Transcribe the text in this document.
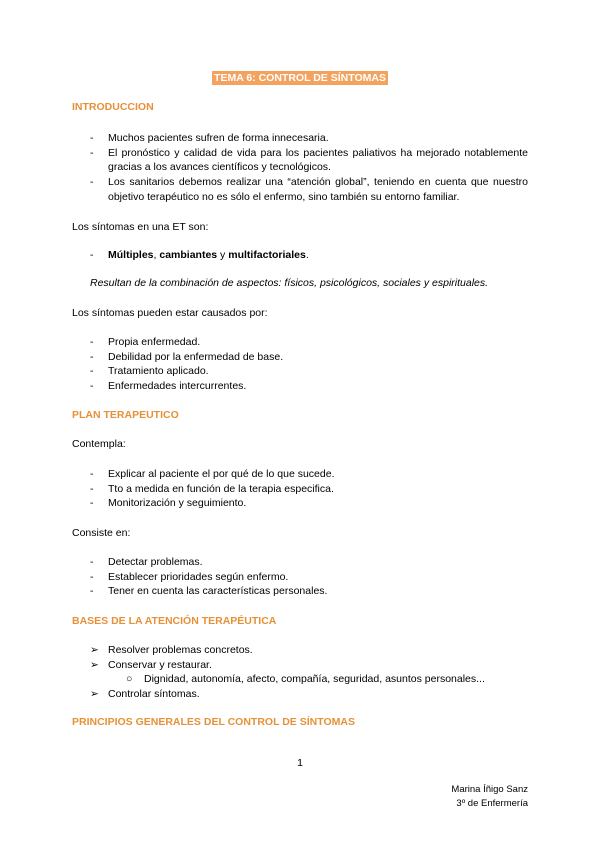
TEMA 6: CONTROL DE SÍNTOMAS
INTRODUCCION
- Muchos pacientes sufren de forma innecesaria.
- El pronóstico y calidad de vida para los pacientes paliativos ha mejorado notablemente gracias a los avances científicos y tecnológicos.
- Los sanitarios debemos realizar una “atención global”, teniendo en cuenta que nuestro objetivo terapéutico no es sólo el enfermo, sino también su entorno familiar.
Los síntomas en una ET son:
- Múltiples, cambiantes y multifactoriales.
Resultan de la combinación de aspectos: físicos, psicológicos, sociales y espirituales.
Los síntomas pueden estar causados por:
- Propia enfermedad.
- Debilidad por la enfermedad de base.
- Tratamiento aplicado.
- Enfermedades intercurrentes.
PLAN TERAPEUTICO
Contempla:
- Explicar al paciente el por qué de lo que sucede.
- Tto a medida en función de la terapia especifica.
- Monitorización y seguimiento.
Consiste en:
- Detectar problemas.
- Establecer prioridades según enfermo.
- Tener en cuenta las características personales.
BASES DE LA ATENCIÓN TERAPÉUTICA
➢ Resolver problemas concretos.
➢ Conservar y restaurar.
○ Dignidad, autonomía, afecto, compañía, seguridad, asuntos personales...
➢ Controlar síntomas.
PRINCIPIOS GENERALES DEL CONTROL DE SÍNTOMAS
1
Marina Íñigo Sanz
3º de Enfermería
